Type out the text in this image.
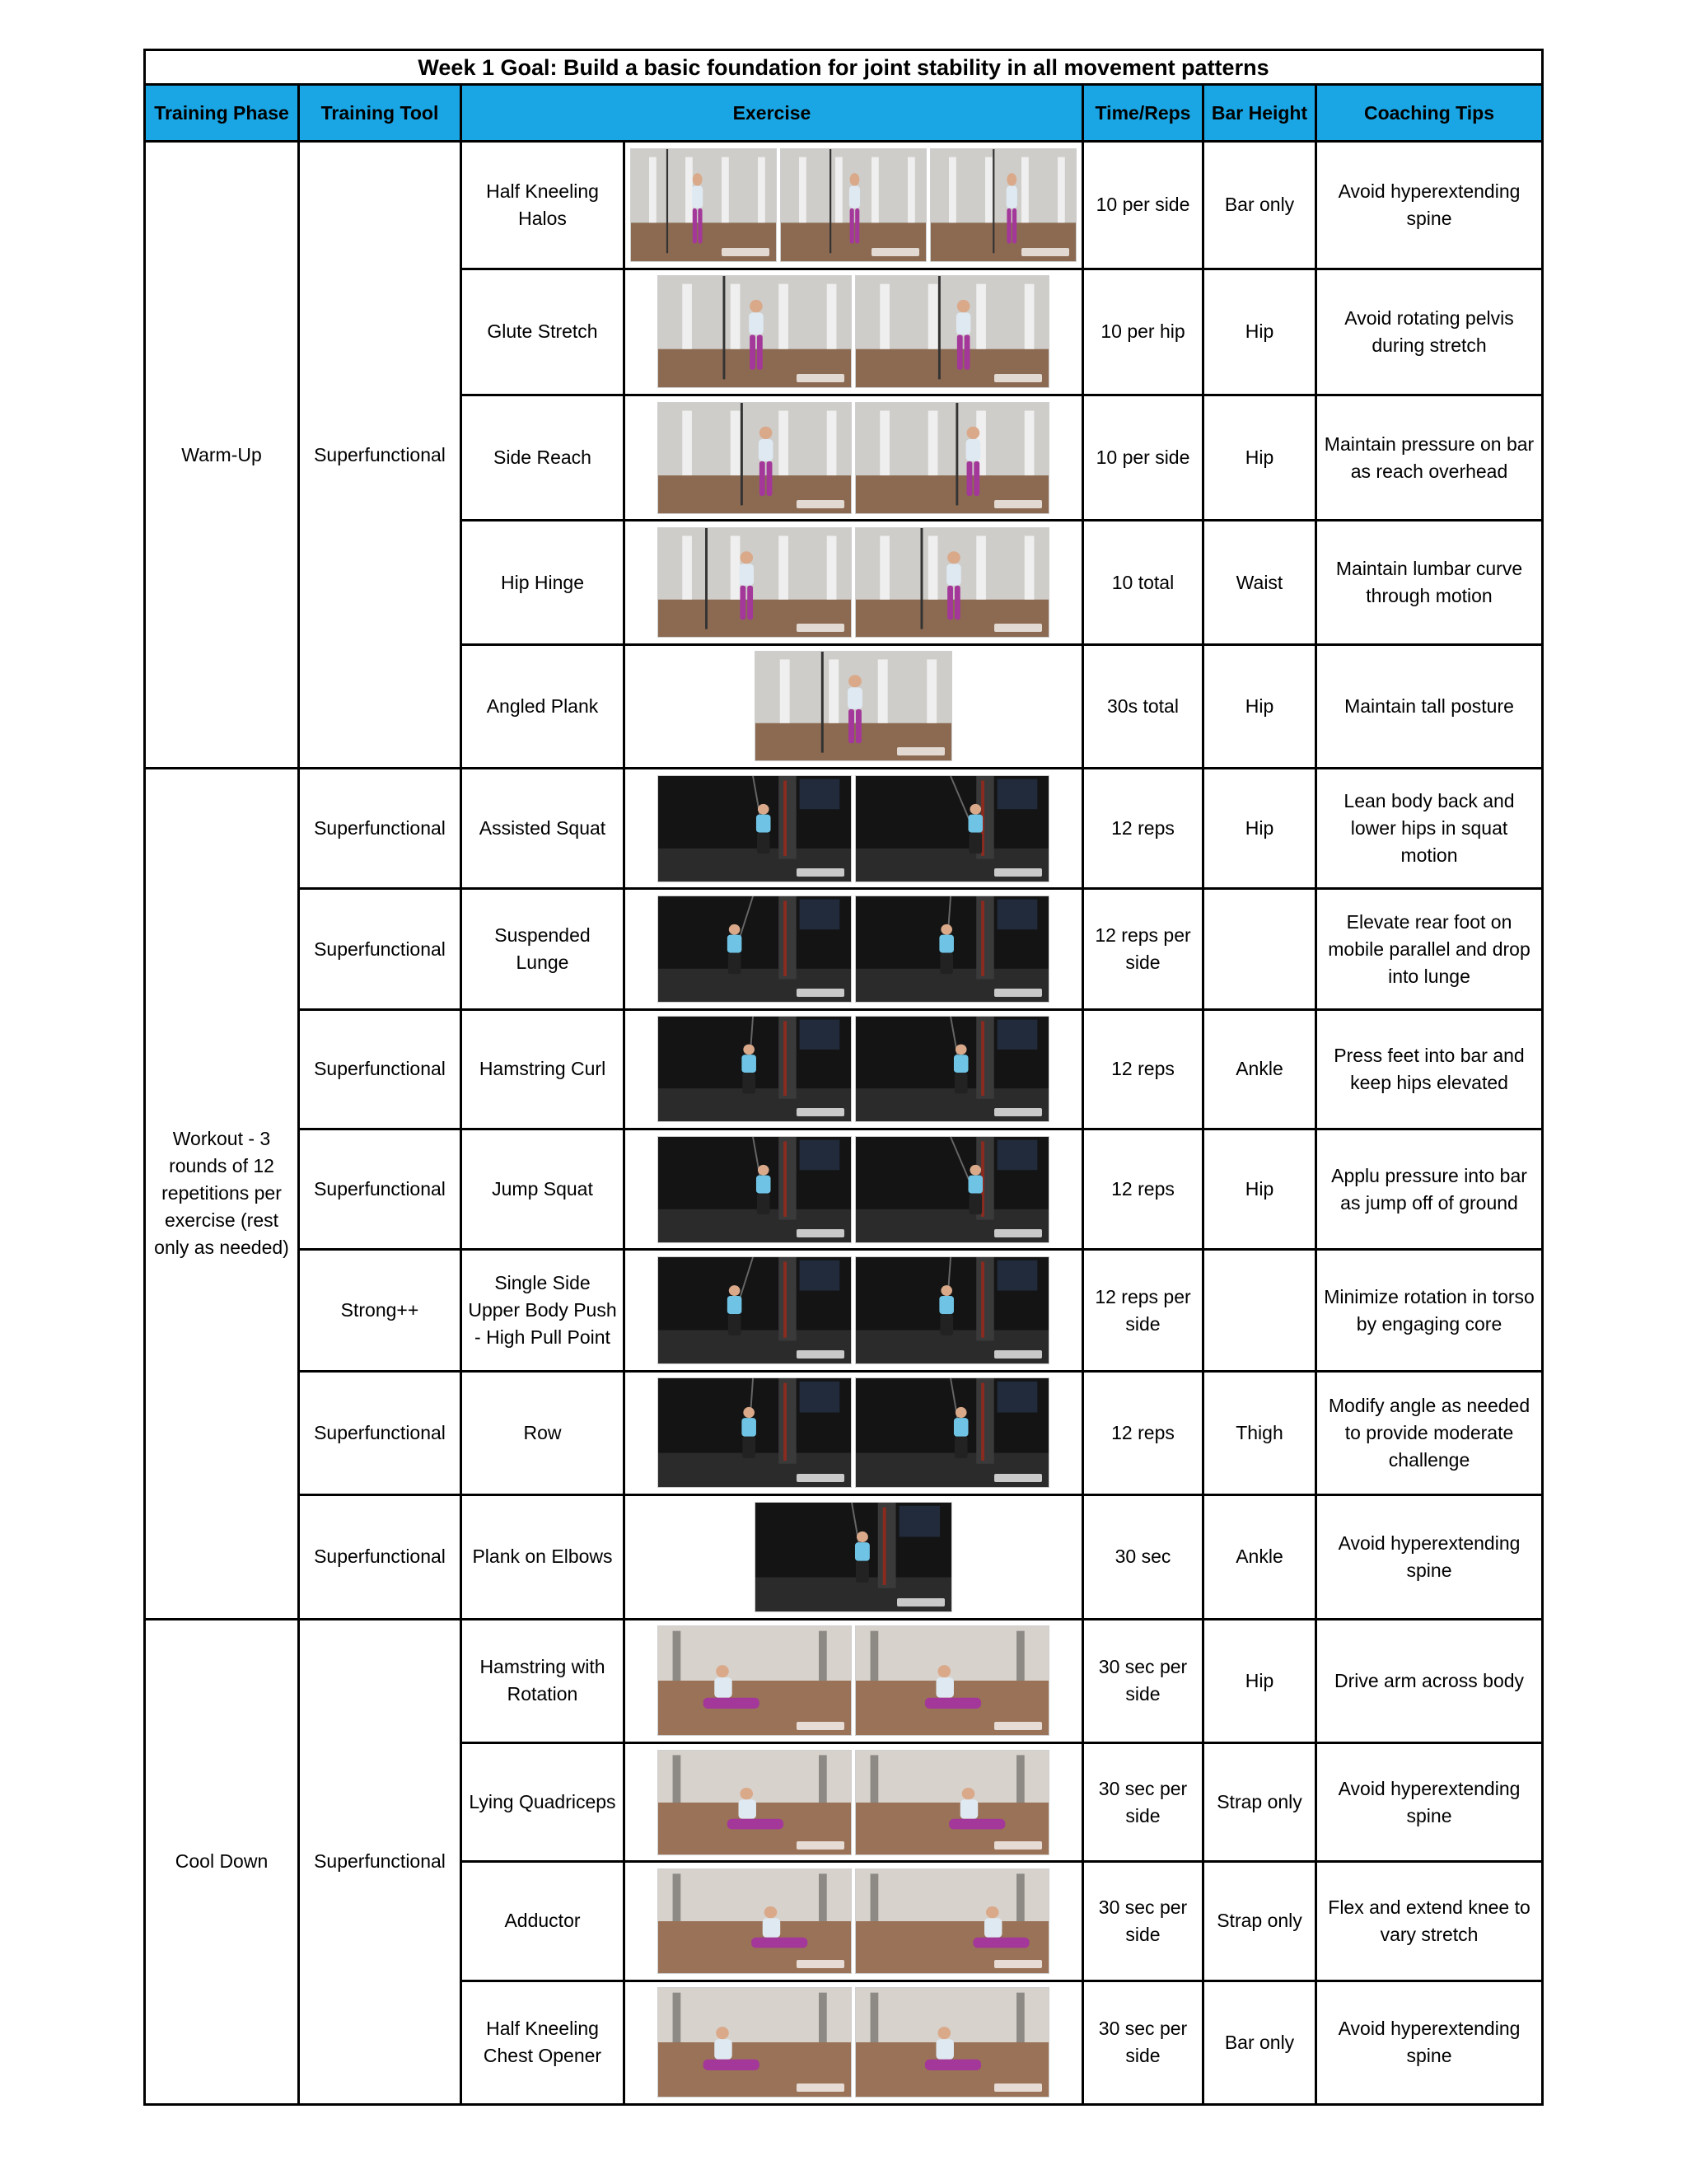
Week 1 Goal: Build a basic foundation for joint stability in all movement patterns						
Training Phase	Training Tool	Exercise		Time/Reps	Bar Height	Coaching Tips
Warm-Up	Superfunctional	Half Kneeling Halos		10 per side	Bar only	Avoid hyperextending spine
		Glute Stretch		10 per hip	Hip	Avoid rotating pelvis during stretch
		Side Reach		10 per side	Hip	Maintain pressure on bar as reach overhead
		Hip Hinge		10 total	Waist	Maintain lumbar curve through motion
		Angled Plank		30s total	Hip	Maintain tall posture
Workout - 3 rounds of 12 repetitions per exercise (rest only as needed)	Superfunctional	Assisted Squat		12 reps	Hip	Lean body back and lower hips in squat motion
	Superfunctional	Suspended Lunge		12 reps per side		Elevate rear foot on mobile parallel and drop into lunge
	Superfunctional	Hamstring Curl		12 reps	Ankle	Press feet into bar and keep hips elevated
	Superfunctional	Jump Squat		12 reps	Hip	Applu pressure into bar as jump off of ground
	Strong++	Single Side Upper Body Push - High Pull Point		12 reps per side		Minimize rotation in torso by engaging core
	Superfunctional	Row		12 reps	Thigh	Modify angle as needed to provide moderate challenge
	Superfunctional	Plank on Elbows		30 sec	Ankle	Avoid hyperextending spine
Cool Down	Superfunctional	Hamstring with Rotation		30 sec per side	Hip	Drive arm across body
		Lying Quadriceps		30 sec per side	Strap only	Avoid hyperextending spine
		Adductor		30 sec per side	Strap only	Flex and extend knee to vary stretch
		Half Kneeling Chest Opener		30 sec per side	Bar only	Avoid hyperextending spine
